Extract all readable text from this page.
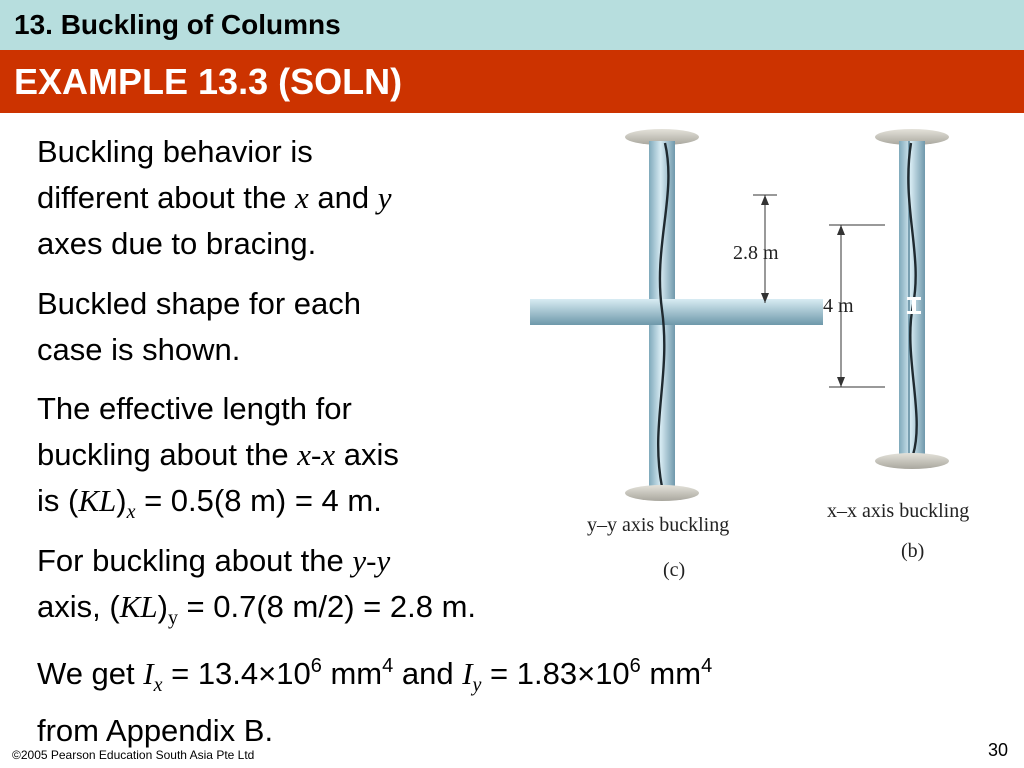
13. Buckling of Columns
EXAMPLE 13.3 (SOLN)
Buckling behavior is
different about the x and y
axes due to bracing.
Buckled shape for each
case is shown.
The effective length for
buckling about the x-x axis
is $(KL)_x = 0.5(8$ m) = 4 m.
For buckling about the y-y
axis, $(KL)_y = 0.7(8$ m/2) = 2.8 m.
We get $I_x = 13.4\times 10^6$ $mm^4$ and $I_y = 1.83\times 10^6$ $mm^4$
from Appendix B.
2.8 m
4 m
y–y axis buckling
(c)
x–x axis buckling
(b)
©2005 Pearson Education South Asia Pte Ltd	30
